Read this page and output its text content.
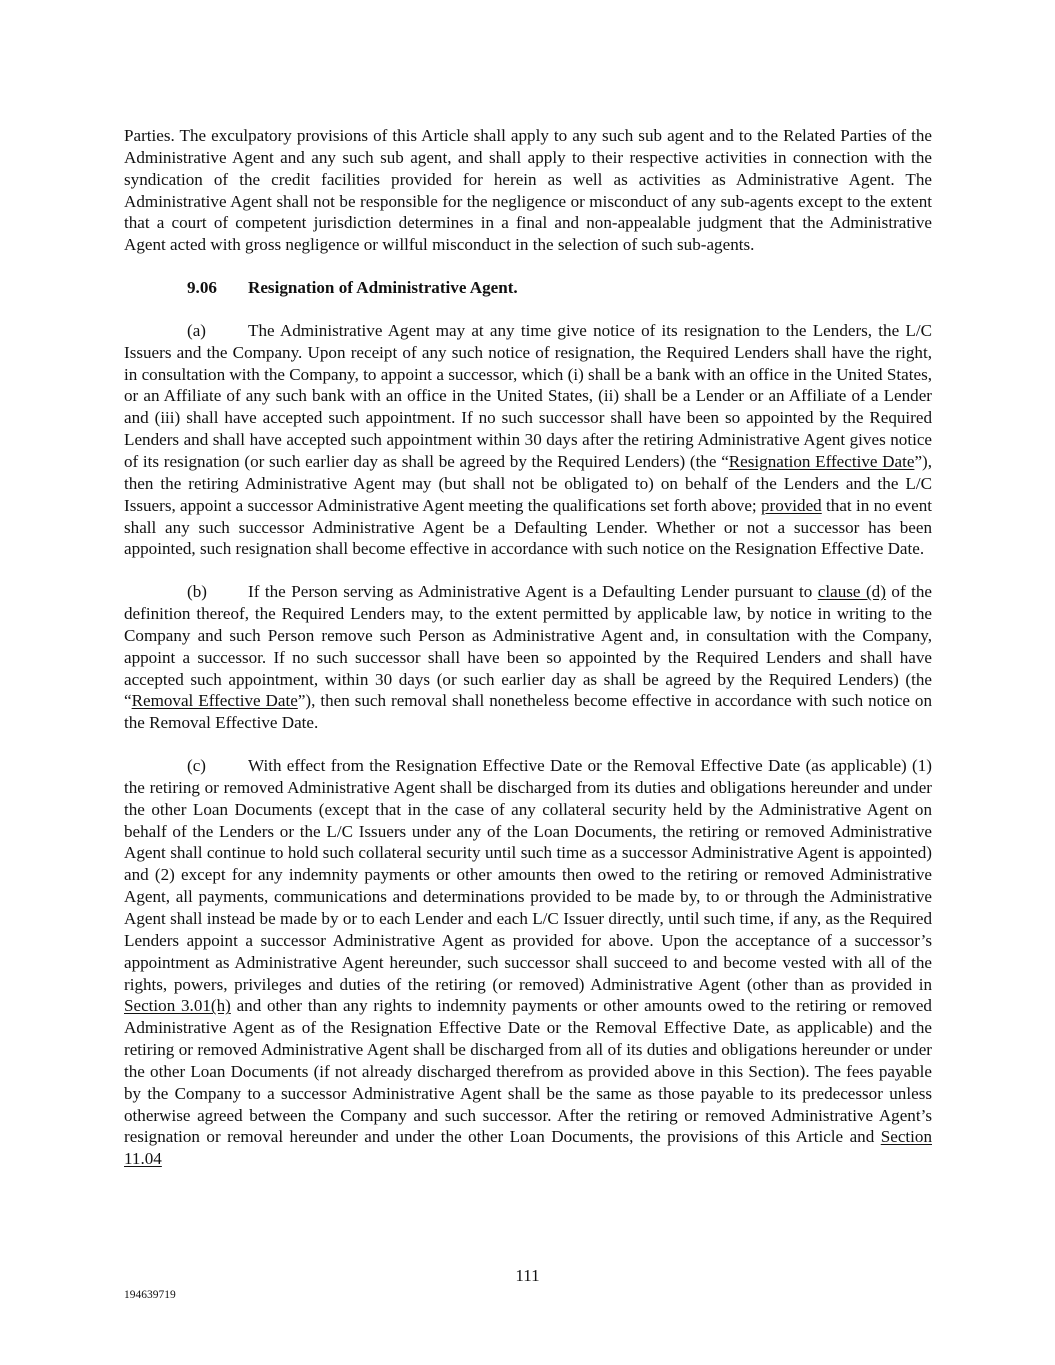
Parties. The exculpatory provisions of this Article shall apply to any such sub agent and to the Related Parties of the Administrative Agent and any such sub agent, and shall apply to their respective activities in connection with the syndication of the credit facilities provided for herein as well as activities as Administrative Agent. The Administrative Agent shall not be responsible for the negligence or misconduct of any sub-agents except to the extent that a court of competent jurisdiction determines in a final and non-appealable judgment that the Administrative Agent acted with gross negligence or willful misconduct in the selection of such sub-agents.

9.06 Resignation of Administrative Agent.

(a) The Administrative Agent may at any time give notice of its resignation to the Lenders, the L/C Issuers and the Company. Upon receipt of any such notice of resignation, the Required Lenders shall have the right, in consultation with the Company, to appoint a successor, which (i) shall be a bank with an office in the United States, or an Affiliate of any such bank with an office in the United States, (ii) shall be a Lender or an Affiliate of a Lender and (iii) shall have accepted such appointment. If no such successor shall have been so appointed by the Required Lenders and shall have accepted such appointment within 30 days after the retiring Administrative Agent gives notice of its resignation (or such earlier day as shall be agreed by the Required Lenders) (the “Resignation Effective Date”), then the retiring Administrative Agent may (but shall not be obligated to) on behalf of the Lenders and the L/C Issuers, appoint a successor Administrative Agent meeting the qualifications set forth above; provided that in no event shall any such successor Administrative Agent be a Defaulting Lender. Whether or not a successor has been appointed, such resignation shall become effective in accordance with such notice on the Resignation Effective Date.

(b) If the Person serving as Administrative Agent is a Defaulting Lender pursuant to clause (d) of the definition thereof, the Required Lenders may, to the extent permitted by applicable law, by notice in writing to the Company and such Person remove such Person as Administrative Agent and, in consultation with the Company, appoint a successor. If no such successor shall have been so appointed by the Required Lenders and shall have accepted such appointment, within 30 days (or such earlier day as shall be agreed by the Required Lenders) (the “Removal Effective Date”), then such removal shall nonetheless become effective in accordance with such notice on the Removal Effective Date.

(c) With effect from the Resignation Effective Date or the Removal Effective Date (as applicable) (1) the retiring or removed Administrative Agent shall be discharged from its duties and obligations hereunder and under the other Loan Documents (except that in the case of any collateral security held by the Administrative Agent on behalf of the Lenders or the L/C Issuers under any of the Loan Documents, the retiring or removed Administrative Agent shall continue to hold such collateral security until such time as a successor Administrative Agent is appointed) and (2) except for any indemnity payments or other amounts then owed to the retiring or removed Administrative Agent, all payments, communications and determinations provided to be made by, to or through the Administrative Agent shall instead be made by or to each Lender and each L/C Issuer directly, until such time, if any, as the Required Lenders appoint a successor Administrative Agent as provided for above. Upon the acceptance of a successor’s appointment as Administrative Agent hereunder, such successor shall succeed to and become vested with all of the rights, powers, privileges and duties of the retiring (or removed) Administrative Agent (other than as provided in Section 3.01(h) and other than any rights to indemnity payments or other amounts owed to the retiring or removed Administrative Agent as of the Resignation Effective Date or the Removal Effective Date, as applicable) and the retiring or removed Administrative Agent shall be discharged from all of its duties and obligations hereunder or under the other Loan Documents (if not already discharged therefrom as provided above in this Section). The fees payable by the Company to a successor Administrative Agent shall be the same as those payable to its predecessor unless otherwise agreed between the Company and such successor. After the retiring or removed Administrative Agent’s resignation or removal hereunder and under the other Loan Documents, the provisions of this Article and Section 11.04

111
194639719
